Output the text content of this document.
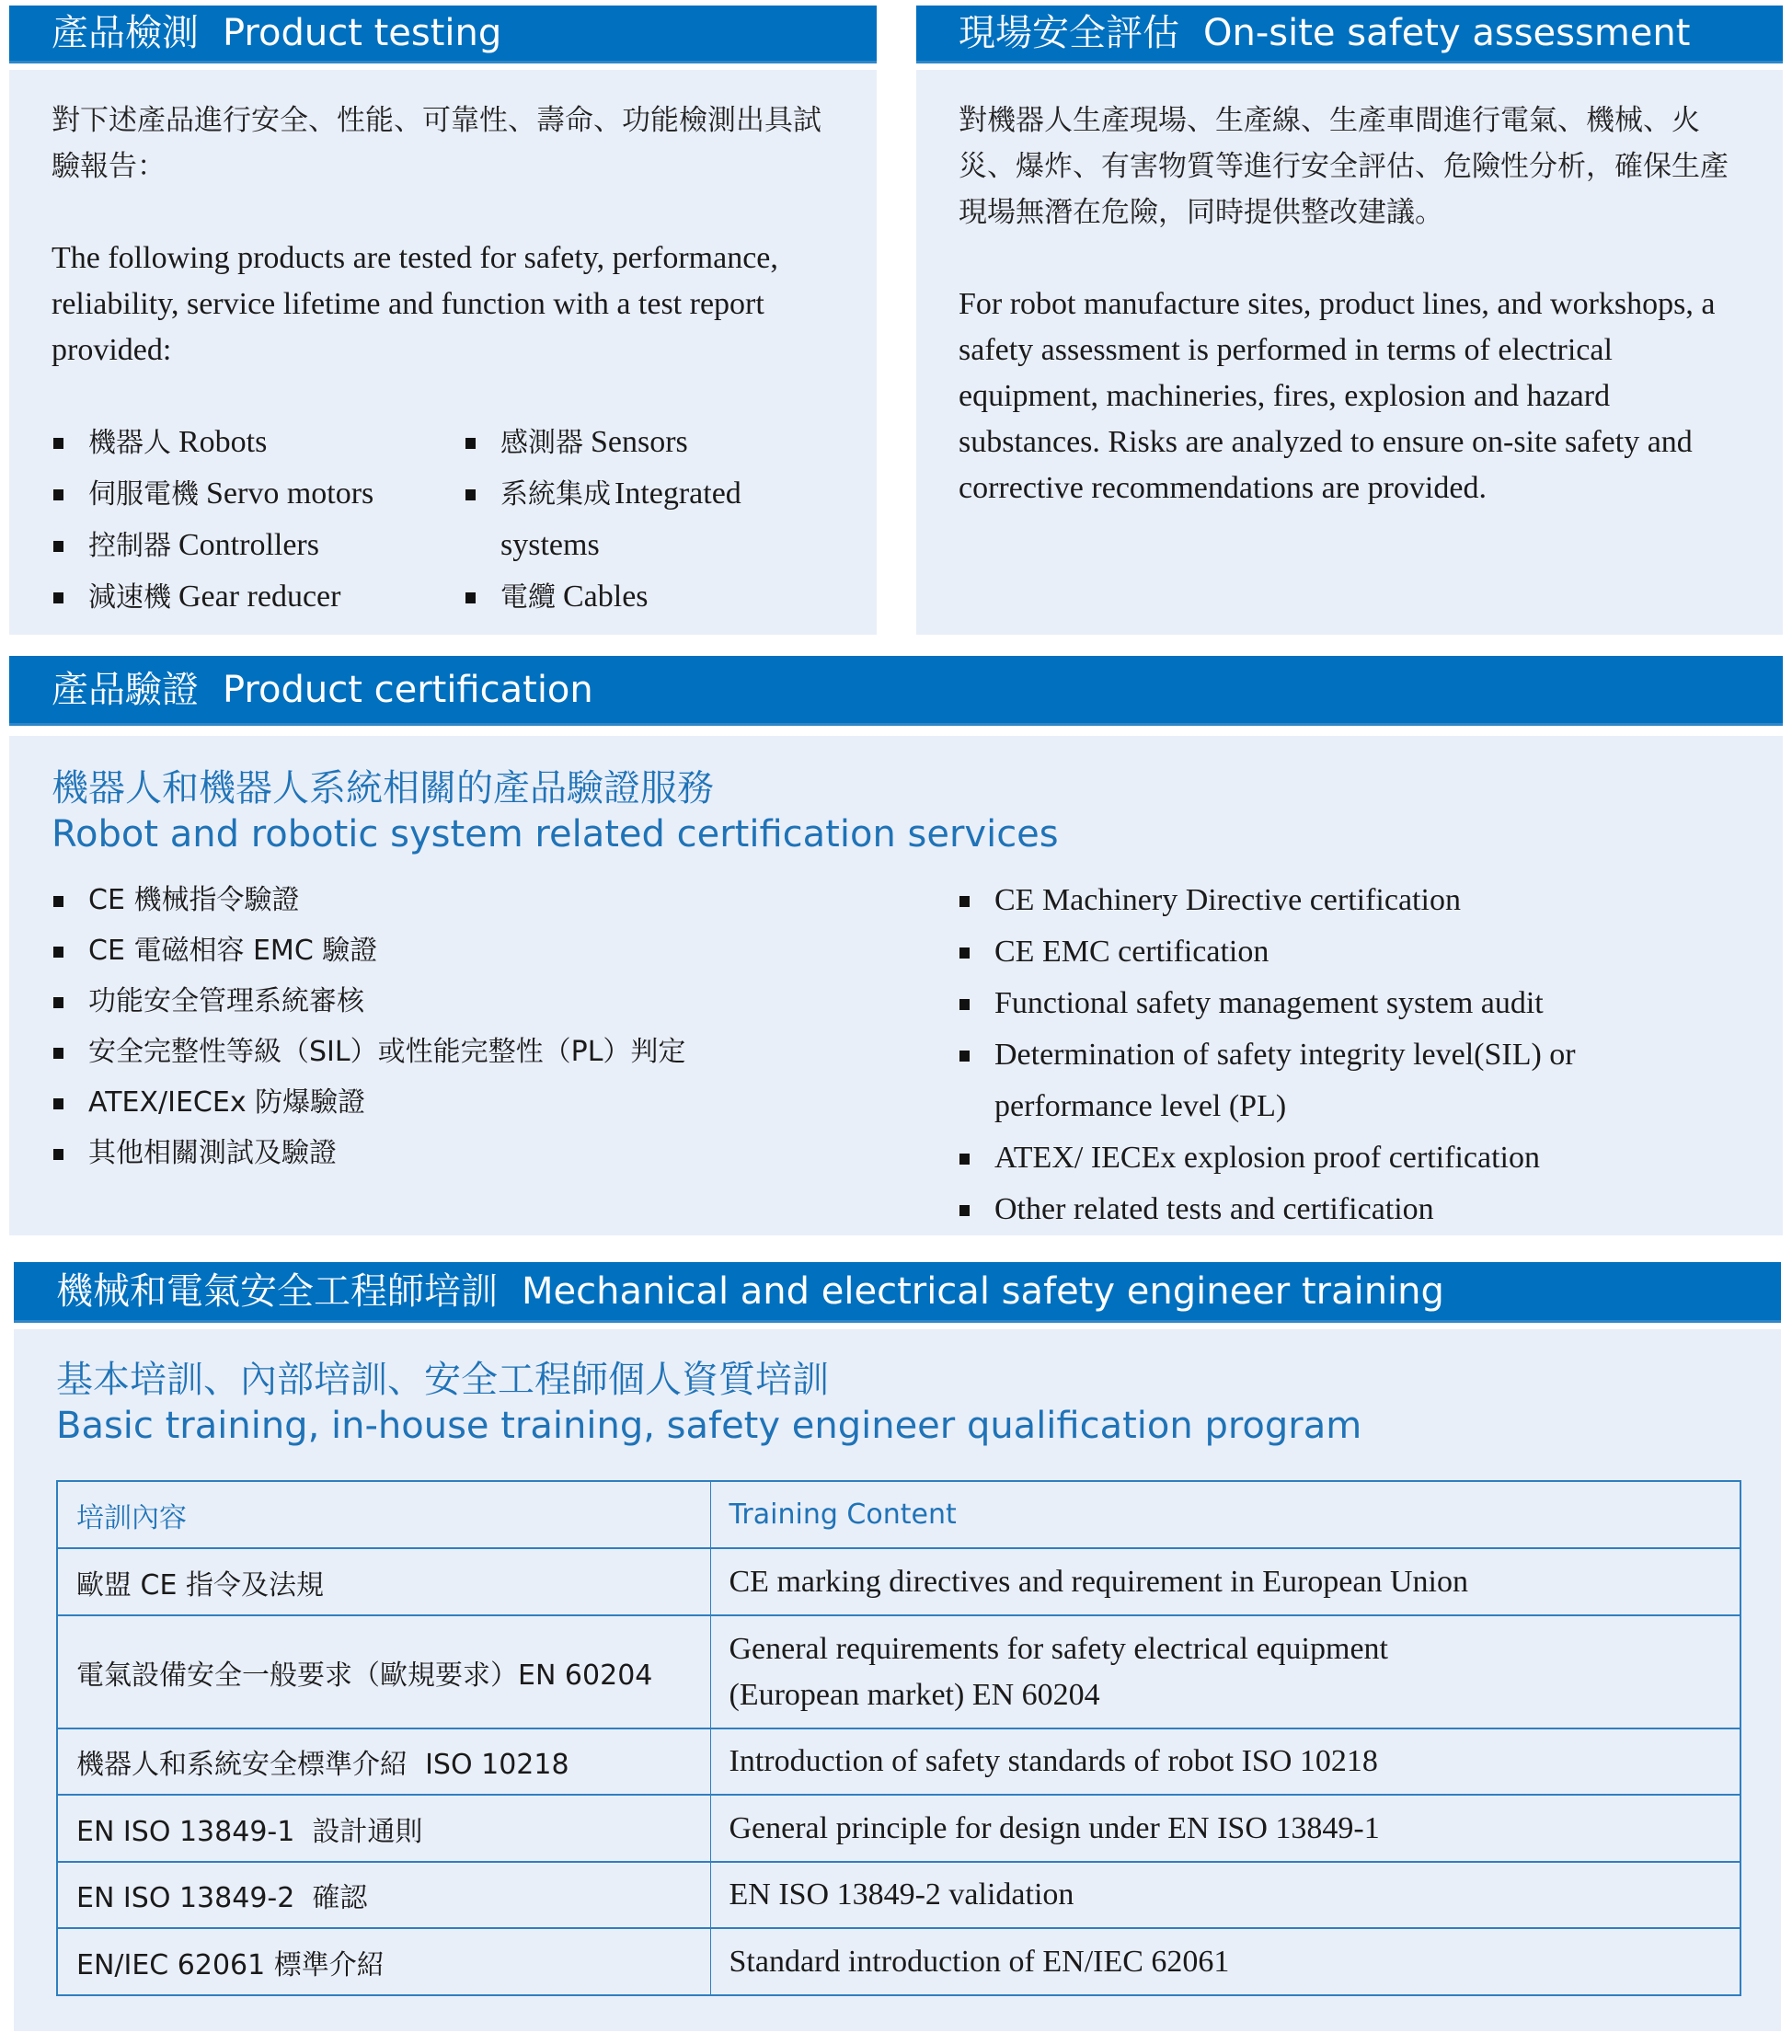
產品檢測 Product testing

對下述產品進行安全、性能、可靠性、壽命、功能檢測出具試驗報告：

The following products are tested for safety, performance, reliability, service lifetime and function with a test report provided:

機器人 Robots
伺服電機 Servo motors
控制器 Controllers
減速機 Gear reducer
感測器 Sensors
系統集成 Integrated systems
電纜 Cables
現場安全評估 On-site safety assessment

對機器人生產現場、生產線、生產車間進行電氣、機械、火災、爆炸、有害物質等進行安全評估、危險性分析，確保生產現場無潛在危險，同時提供整改建議。

For robot manufacture sites, product lines, and workshops, a safety assessment is performed in terms of electrical equipment, machineries, fires, explosion and hazard substances. Risks are analyzed to ensure on-site safety and corrective recommendations are provided.

產品驗證 Product certification

機器人和機器人系統相關的產品驗證服務

Robot and robotic system related certification services

CE 機械指令驗證
CE 電磁相容 EMC 驗證
功能安全管理系統審核
安全完整性等級（SIL）或性能完整性（PL）判定
ATEX/IECEx 防爆驗證
其他相關測試及驗證
CE Machinery Directive certification
CE EMC certification
Functional safety management system audit
Determination of safety integrity level(SIL) or performance level (PL)
ATEX/ IECEx explosion proof certification
Other related tests and certification
機械和電氣安全工程師培訓 Mechanical and electrical safety engineer training

基本培訓、內部培訓、安全工程師個人資質培訓

Basic training, in-house training, safety engineer qualification program

培訓內容	Training Content
歐盟 CE 指令及法規	CE marking directives and requirement in European Union
電氣設備安全一般要求（歐規要求）EN 60204	General requirements for safety electrical equipment (European market) EN 60204
機器人和系統安全標準介紹  ISO 10218	Introduction of safety standards of robot ISO 10218
EN ISO 13849-1  設計通則	General principle for design under EN ISO 13849-1
EN ISO 13849-2  確認	EN ISO 13849-2 validation
EN/IEC 62061 標準介紹	Standard introduction of EN/IEC 62061
